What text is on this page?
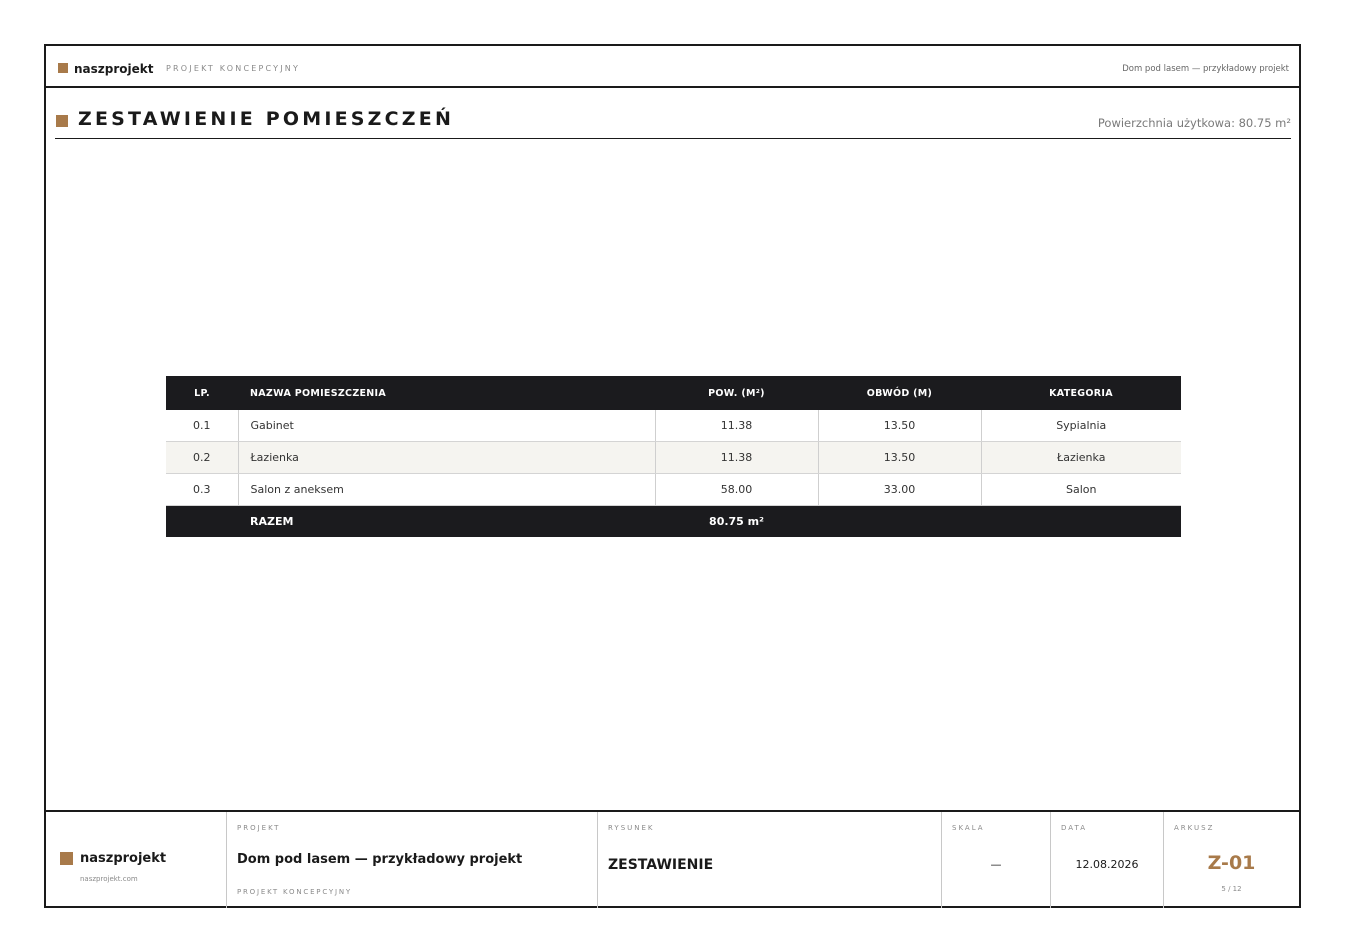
naszprojekt PROJEKT KONCEPCYJNY	Dom pod lasem — przykładowy projekt
ZESTAWIENIE POMIESZCZEŃ	Powierzchnia użytkowa: 80.75 m²
LP.	NAZWA POMIESZCZENIA	POW. (M²)	OBWÓD (M)	KATEGORIA
0.1	Gabinet	11.38	13.50	Sypialnia
0.2	Łazienka	11.38	13.50	Łazienka
0.3	Salon z aneksem	58.00	33.00	Salon
	RAZEM	80.75 m²		
naszprojekt
naszprojekt.com
PROJEKT
Dom pod lasem — przykładowy projekt
PROJEKT KONCEPCYJNY
RYSUNEK
ZESTAWIENIE
SKALA
—
DATA
12.08.2026
ARKUSZ
Z-01
5 / 12
